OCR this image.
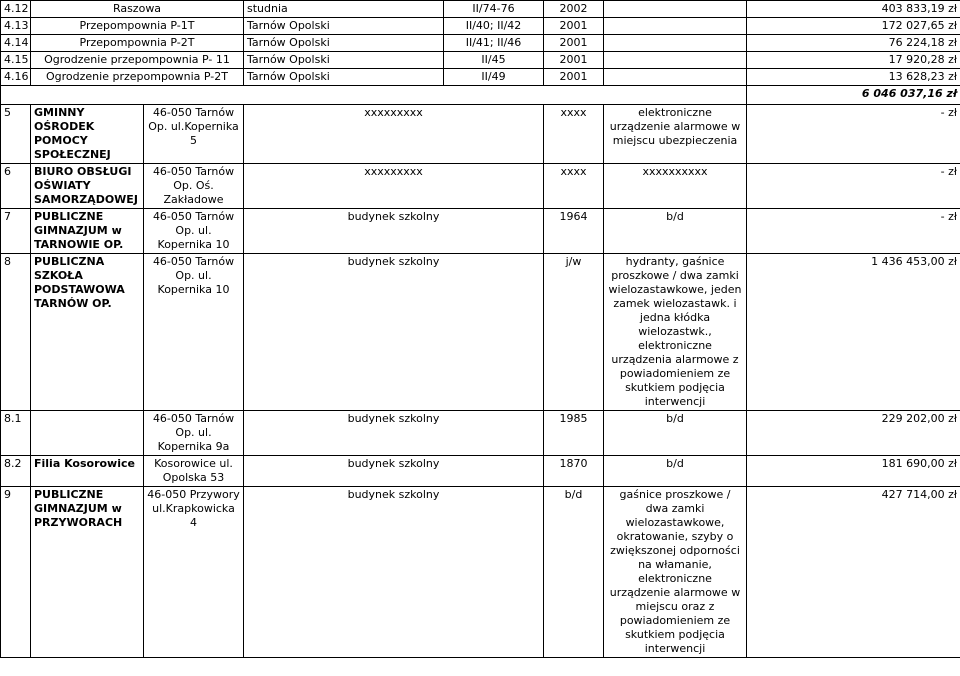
4.12	Raszowa		studnia	II/74-76	2002		403 833,19 zł
4.13	Przepompownia P-1T		Tarnów Opolski	II/40; II/42	2001		172 027,65 zł
4.14	Przepompownia P-2T		Tarnów Opolski	II/41; II/46	2001		76 224,18 zł
4.15	Ogrodzenie przepompownia P- 11		Tarnów Opolski	II/45	2001		17 920,28 zł
4.16	Ogrodzenie przepompownia P-2T		Tarnów Opolski	II/49	2001		13 628,23 zł
							6 046 037,16 zł
5	GMINNY OŚRODEK POMOCY SPOŁECZNEJ	46-050 Tarnów Op. ul.Kopernika 5	xxxxxxxxx		xxxx	elektroniczne urządzenie alarmowe w miejscu ubezpieczenia	- zł
6	BIURO OBSŁUGI OŚWIATY SAMORZĄDOWEJ	46-050 Tarnów Op. Oś. Zakładowe	xxxxxxxxx		xxxx	xxxxxxxxxx	- zł
7	PUBLICZNE GIMNAZJUM w TARNOWIE OP.	46-050 Tarnów Op. ul. Kopernika 10	budynek szkolny		1964	b/d	- zł
8	PUBLICZNA SZKOŁA PODSTAWOWA TARNÓW OP.	46-050 Tarnów Op. ul. Kopernika 10	budynek szkolny		j/w	hydranty, gaśnice proszkowe / dwa zamki wielozastawkowe, jeden zamek wielozastawk. i jedna kłódka wielozastwk., elektroniczne urządzenia alarmowe z powiadomieniem ze skutkiem podjęcia interwencji	1 436 453,00 zł
8.1		46-050 Tarnów Op. ul. Kopernika 9a	budynek szkolny		1985	b/d	229 202,00 zł
8.2	Filia Kosorowice	Kosorowice ul. Opolska 53	budynek szkolny		1870	b/d	181 690,00 zł
9	PUBLICZNE GIMNAZJUM w PRZYWORACH	46-050 Przywory ul.Krapkowicka 4	budynek szkolny		b/d	gaśnice proszkowe / dwa zamki wielozastawkowe, okratowanie, szyby o zwiększonej odporności na włamanie, elektroniczne urządzenie alarmowe w miejscu oraz z powiadomieniem ze skutkiem podjęcia interwencji	427 714,00 zł
